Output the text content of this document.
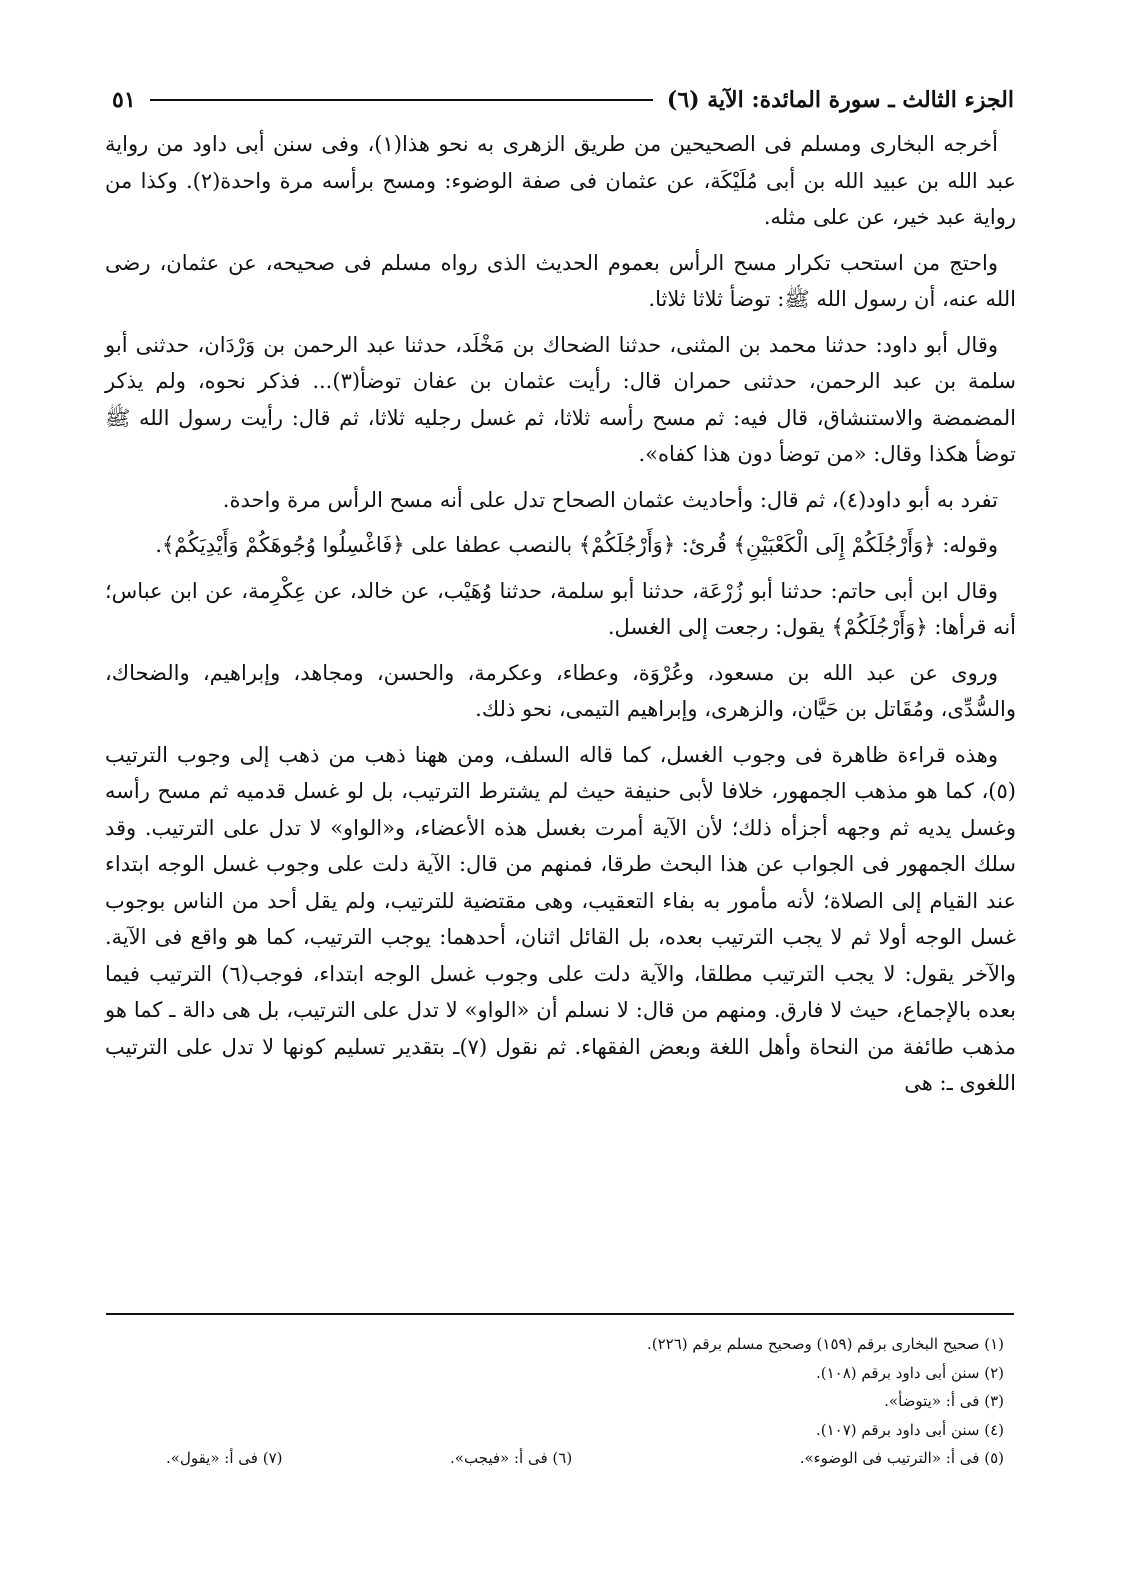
الجزء الثالث ـ سورة المائدة: الآية (٦)
٥١

أخرجه البخارى ومسلم فى الصحيحين من طريق الزهرى به نحو هذا(١)، وفى سنن أبى داود من رواية عبد الله بن عبيد الله بن أبى مُلَيْكَة، عن عثمان فى صفة الوضوء: ومسح برأسه مرة واحدة(٢). وكذا من رواية عبد خير، عن على مثله.

واحتج من استحب تكرار مسح الرأس بعموم الحديث الذى رواه مسلم فى صحيحه، عن عثمان، رضى الله عنه، أن رسول الله ﷺ: توضأ ثلاثا ثلاثا.

وقال أبو داود: حدثنا محمد بن المثنى، حدثنا الضحاك بن مَخْلَد، حدثنا عبد الرحمن بن وَرْدَان، حدثنى أبو سلمة بن عبد الرحمن، حدثنى حمران قال: رأيت عثمان بن عفان توضأ(٣)... فذكر نحوه، ولم يذكر المضمضة والاستنشاق، قال فيه: ثم مسح رأسه ثلاثا، ثم غسل رجليه ثلاثا، ثم قال: رأيت رسول الله ﷺ توضأ هكذا وقال: «من توضأ دون هذا كفاه».

تفرد به أبو داود(٤)، ثم قال: وأحاديث عثمان الصحاح تدل على أنه مسح الرأس مرة واحدة.

وقوله: ﴿وَأَرْجُلَكُمْ إِلَى الْكَعْبَيْنِ﴾ قُرئ: ﴿وَأَرْجُلَكُمْ﴾ بالنصب عطفا على ﴿فَاغْسِلُوا وُجُوهَكُمْ وَأَيْدِيَكُمْ﴾.

وقال ابن أبى حاتم: حدثنا أبو زُرْعَة، حدثنا أبو سلمة، حدثنا وُهَيْب، عن خالد، عن عِكْرِمة، عن ابن عباس؛ أنه قرأها: ﴿وَأَرْجُلَكُمْ﴾ يقول: رجعت إلى الغسل.

وروى عن عبد الله بن مسعود، وعُرْوَة، وعطاء، وعكرمة، والحسن، ومجاهد، وإبراهيم، والضحاك، والسُّدِّى، ومُقَاتل بن حَيَّان، والزهرى، وإبراهيم التيمى، نحو ذلك.

وهذه قراءة ظاهرة فى وجوب الغسل، كما قاله السلف، ومن ههنا ذهب من ذهب إلى وجوب الترتيب (٥)، كما هو مذهب الجمهور، خلافا لأبى حنيفة حيث لم يشترط الترتيب، بل لو غسل قدميه ثم مسح رأسه وغسل يديه ثم وجهه أجزأه ذلك؛ لأن الآية أمرت بغسل هذه الأعضاء، و«الواو» لا تدل على الترتيب. وقد سلك الجمهور فى الجواب عن هذا البحث طرقا، فمنهم من قال: الآية دلت على وجوب غسل الوجه ابتداء عند القيام إلى الصلاة؛ لأنه مأمور به بفاء التعقيب، وهى مقتضية للترتيب، ولم يقل أحد من الناس بوجوب غسل الوجه أولا ثم لا يجب الترتيب بعده، بل القائل اثنان، أحدهما: يوجب الترتيب، كما هو واقع فى الآية. والآخر يقول: لا يجب الترتيب مطلقا، والآية دلت على وجوب غسل الوجه ابتداء، فوجب(٦) الترتيب فيما بعده بالإجماع، حيث لا فارق. ومنهم من قال: لا نسلم أن «الواو» لا تدل على الترتيب، بل هى دالة ـ كما هو مذهب طائفة من النحاة وأهل اللغة وبعض الفقهاء. ثم نقول (٧)ـ بتقدير تسليم كونها لا تدل على الترتيب اللغوى ـ: هى

(١) صحيح البخارى برقم (١٥٩) وصحيح مسلم برقم (٢٢٦).

(٢) سنن أبى داود برقم (١٠٨).

(٣) فى أ: «يتوضأ».

(٤) سنن أبى داود برقم (١٠٧).

(٥) فى أ: «الترتيب فى الوضوء».
(٦) فى أ: «فيجب».
(٧) فى أ: «يقول».
